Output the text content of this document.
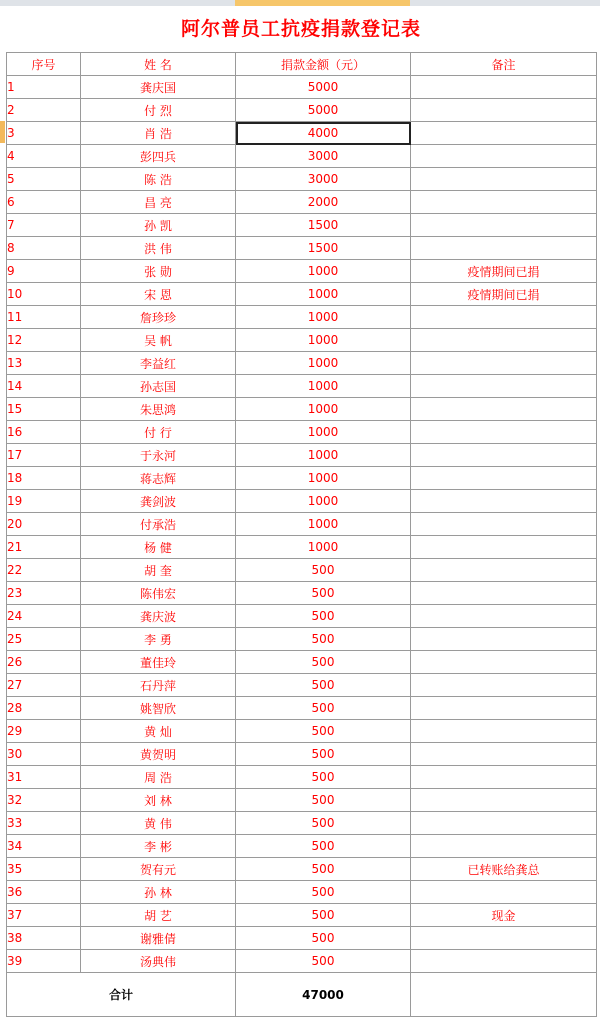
阿尔普员工抗疫捐款登记表
序号	姓 名	捐款金额（元）	备注
1	龚庆国	5000	
2	付 烈	5000	
3	肖 浩	4000	
4	彭四兵	3000	
5	陈 浩	3000	
6	昌 亮	2000	
7	孙 凯	1500	
8	洪 伟	1500	
9	张 勋	1000	疫情期间已捐
10	宋 恩	1000	疫情期间已捐
11	詹珍珍	1000	
12	吴 帆	1000	
13	李益红	1000	
14	孙志国	1000	
15	朱思鸿	1000	
16	付 行	1000	
17	于永河	1000	
18	蒋志辉	1000	
19	龚剑波	1000	
20	付承浩	1000	
21	杨 健	1000	
22	胡 奎	500	
23	陈伟宏	500	
24	龚庆波	500	
25	李 勇	500	
26	董佳玲	500	
27	石丹萍	500	
28	姚智欣	500	
29	黄 灿	500	
30	黄贺明	500	
31	周 浩	500	
32	刘 林	500	
33	黄 伟	500	
34	李 彬	500	
35	贺有元	500	已转账给龚总
36	孙 林	500	
37	胡 艺	500	现金
38	谢雅倩	500	
39	汤典伟	500	
合计		47000	
